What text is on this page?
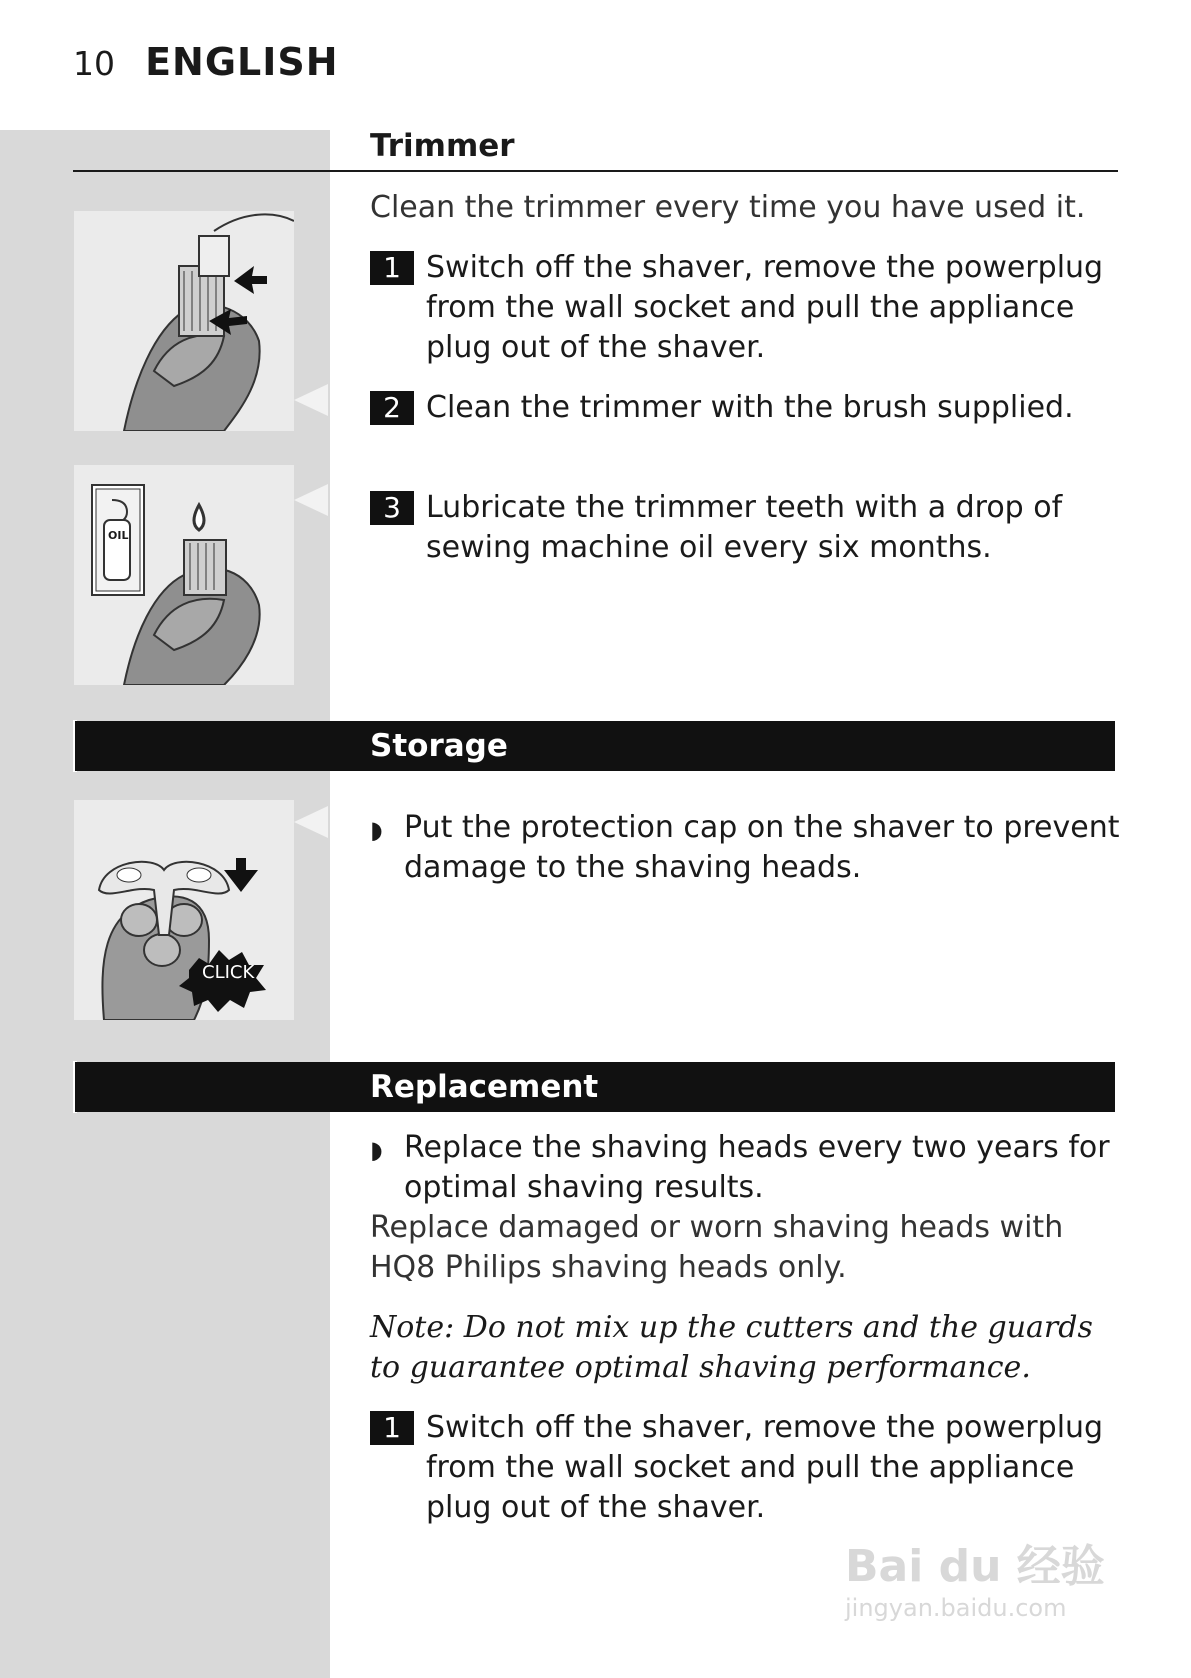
10 ENGLISH
Trimmer
Clean the trimmer every time you have used it.
1 Switch off the shaver, remove the powerplug from the wall socket and pull the appliance plug out of the shaver.
2 Clean the trimmer with the brush supplied.
3 Lubricate the trimmer teeth with a drop of sewing machine oil every six months.
OIL
Storage
CLICK
◗ Put the protection cap on the shaver to prevent damage to the shaving heads.
Replacement
◗ Replace the shaving heads every two years for optimal shaving results.
Replace damaged or worn shaving heads with HQ8 Philips shaving heads only.
Note: Do not mix up the cutters and the guards to guarantee optimal shaving performance.
1 Switch off the shaver, remove the powerplug from the wall socket and pull the appliance plug out of the shaver.
Bai du 经验
jingyan.baidu.com
